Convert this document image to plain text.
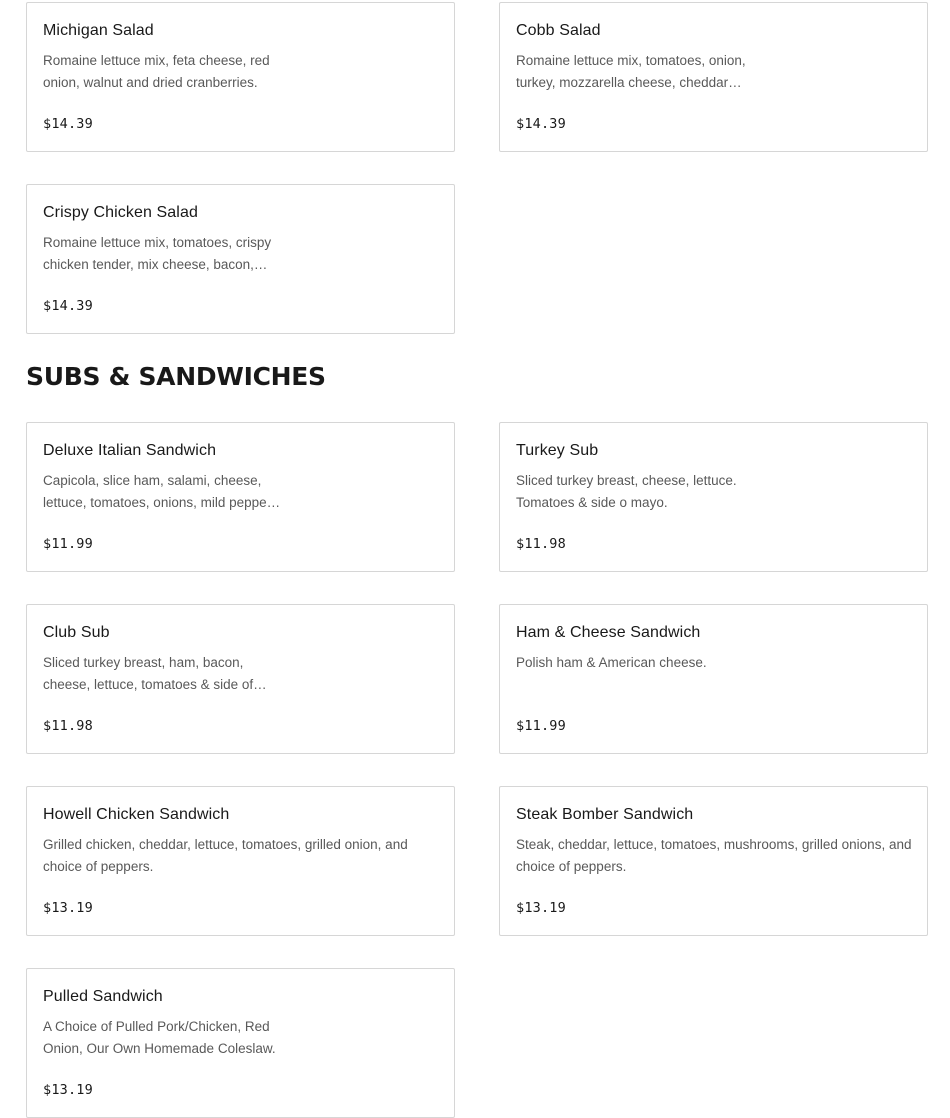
Michigan Salad
Romaine lettuce mix, feta cheese, red onion, walnut and dried cranberries.
$14.39
Cobb Salad
Romaine lettuce mix, tomatoes, onion, turkey, mozzarella cheese, cheddar…
$14.39
Crispy Chicken Salad
Romaine lettuce mix, tomatoes, crispy chicken tender, mix cheese, bacon,…
$14.39
SUBS & SANDWICHES
Deluxe Italian Sandwich
Capicola, slice ham, salami, cheese, lettuce, tomatoes, onions, mild peppe…
$11.99
Turkey Sub
Sliced turkey breast, cheese, lettuce. Tomatoes & side o mayo.
$11.98
Club Sub
Sliced turkey breast, ham, bacon, cheese, lettuce, tomatoes & side of…
$11.98
Ham & Cheese Sandwich
Polish ham & American cheese.
$11.99
Howell Chicken Sandwich
Grilled chicken, cheddar, lettuce, tomatoes, grilled onion, and choice of peppers.
$13.19
Steak Bomber Sandwich
Steak, cheddar, lettuce, tomatoes, mushrooms, grilled onions, and choice of peppers.
$13.19
Pulled Sandwich
A Choice of Pulled Pork/Chicken, Red Onion, Our Own Homemade Coleslaw.
$13.19
